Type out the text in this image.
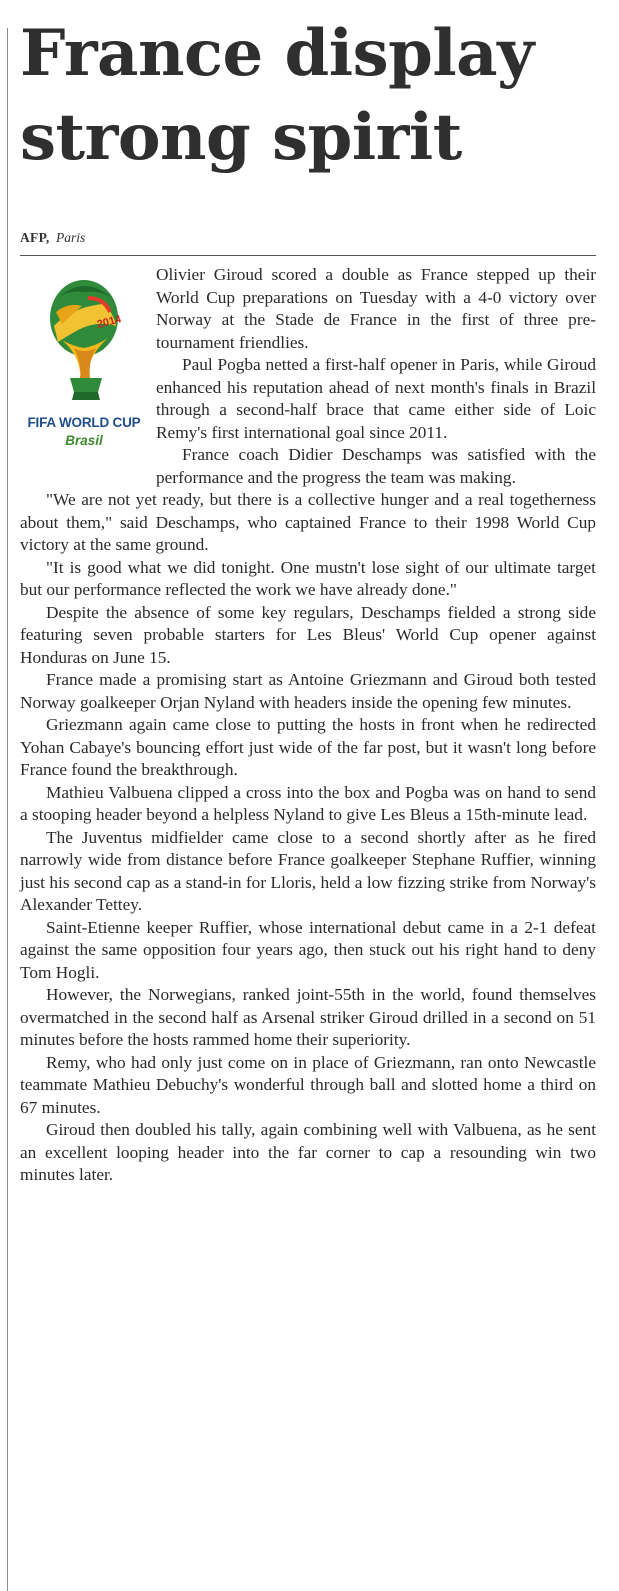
France display strong spirit

AFP, Paris

2014
FIFA WORLD CUP
Brasil

Olivier Giroud scored a double as France stepped up their World Cup preparations on Tuesday with a 4-0 victory over Norway at the Stade de France in the first of three pre-tournament friendlies.

Paul Pogba netted a first-half opener in Paris, while Giroud enhanced his reputation ahead of next month's finals in Brazil through a second-half brace that came either side of Loic Remy's first international goal since 2011.

France coach Didier Deschamps was satisfied with the performance and the progress the team was making.

"We are not yet ready, but there is a collective hunger and a real togetherness about them," said Deschamps, who captained France to their 1998 World Cup victory at the same ground.

"It is good what we did tonight. One mustn't lose sight of our ultimate target but our performance reflected the work we have already done."

Despite the absence of some key regulars, Deschamps fielded a strong side featuring seven probable starters for Les Bleus' World Cup opener against Honduras on June 15.

France made a promising start as Antoine Griezmann and Giroud both tested Norway goalkeeper Orjan Nyland with headers inside the opening few minutes.

Griezmann again came close to putting the hosts in front when he redirected Yohan Cabaye's bouncing effort just wide of the far post, but it wasn't long before France found the breakthrough.

Mathieu Valbuena clipped a cross into the box and Pogba was on hand to send a stooping header beyond a helpless Nyland to give Les Bleus a 15th-minute lead.

The Juventus midfielder came close to a second shortly after as he fired narrowly wide from distance before France goalkeeper Stephane Ruffier, winning just his second cap as a stand-in for Lloris, held a low fizzing strike from Norway's Alexander Tettey.

Saint-Etienne keeper Ruffier, whose international debut came in a 2-1 defeat against the same opposition four years ago, then stuck out his right hand to deny Tom Hogli.

However, the Norwegians, ranked joint-55th in the world, found themselves overmatched in the second half as Arsenal striker Giroud drilled in a second on 51 minutes before the hosts rammed home their superiority.

Remy, who had only just come on in place of Griezmann, ran onto Newcastle teammate Mathieu Debuchy's wonderful through ball and slotted home a third on 67 minutes.

Giroud then doubled his tally, again combining well with Valbuena, as he sent an excellent looping header into the far corner to cap a resounding win two minutes later.
